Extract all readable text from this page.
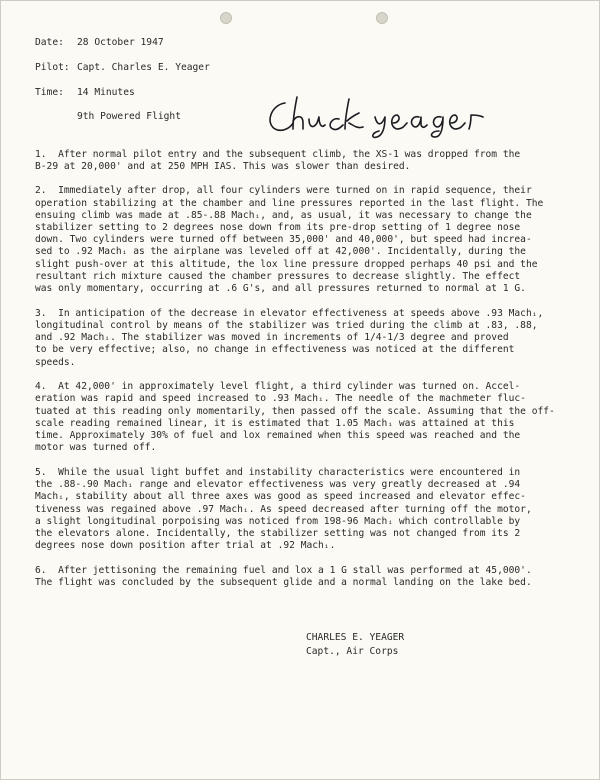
Date: 28 October 1947
Pilot: Capt. Charles E. Yeager
Time: 14 Minutes
9th Powered Flight
1.  After normal pilot entry and the subsequent climb, the XS-1 was dropped from the
B-29 at 20,000' and at 250 MPH IAS. This was slower than desired.
2.  Immediately after drop, all four cylinders were turned on in rapid sequence, their
operation stabilizing at the chamber and line pressures reported in the last flight. The
ensuing climb was made at .85-.88 Machᵢ, and, as usual, it was necessary to change the
stabilizer setting to 2 degrees nose down from its pre-drop setting of 1 degree nose
down. Two cylinders were turned off between 35,000' and 40,000', but speed had increa-
sed to .92 Machᵢ as the airplane was leveled off at 42,000'. Incidentally, during the
slight push-over at this altitude, the lox line pressure dropped perhaps 40 psi and the
resultant rich mixture caused the chamber pressures to decrease slightly. The effect
was only momentary, occurring at .6 G's, and all pressures returned to normal at 1 G.
3.  In anticipation of the decrease in elevator effectiveness at speeds above .93 Machᵢ,
longitudinal control by means of the stabilizer was tried during the climb at .83, .88,
and .92 Machᵢ. The stabilizer was moved in increments of 1/4-1/3 degree and proved
to be very effective; also, no change in effectiveness was noticed at the different
speeds.
4.  At 42,000' in approximately level flight, a third cylinder was turned on. Accel-
eration was rapid and speed increased to .93 Machᵢ. The needle of the machmeter fluc-
tuated at this reading only momentarily, then passed off the scale. Assuming that the off-
scale reading remained linear, it is estimated that 1.05 Machᵢ was attained at this
time. Approximately 30% of fuel and lox remained when this speed was reached and the
motor was turned off.
5.  While the usual light buffet and instability characteristics were encountered in
the .88-.90 Machᵢ range and elevator effectiveness was very greatly decreased at .94
Machᵢ, stability about all three axes was good as speed increased and elevator effec-
tiveness was regained above .97 Machᵢ. As speed decreased after turning off the motor,
a slight longitudinal porpoising was noticed from 198-96 Machᵢ which controllable by
the elevators alone. Incidentally, the stabilizer setting was not changed from its 2
degrees nose down position after trial at .92 Machᵢ.
6.  After jettisoning the remaining fuel and lox a 1 G stall was performed at 45,000'.
The flight was concluded by the subsequent glide and a normal landing on the lake bed.
CHARLES E. YEAGER
Capt., Air Corps
